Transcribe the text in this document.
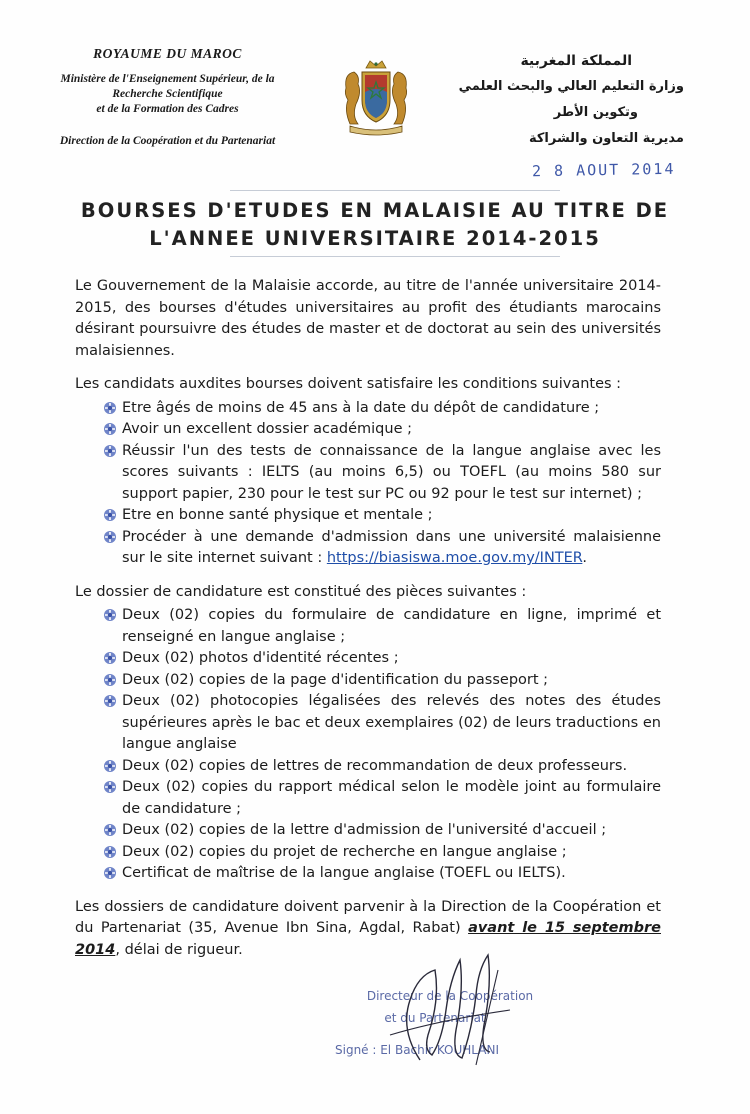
ROYAUME DU MAROC
Ministère de l'Enseignement Supérieur, de la
Recherche Scientifique
et de la Formation des Cadres
Direction de la Coopération et du Partenariat
المملكة المغربية
وزارة التعليم العالي والبحث العلمي
وتكوين الأطر
مديرية التعاون والشراكة
2 8 AOUT 2014
BOURSES D'ETUDES EN MALAISIE AU TITRE DE
L'ANNEE UNIVERSITAIRE 2014-2015

Le Gouvernement de la Malaisie accorde, au titre de l'année universitaire 2014-2015, des bourses d'études universitaires au profit des étudiants marocains désirant poursuivre des études de master et de doctorat au sein des universités malaisiennes.

Les candidats auxdites bourses doivent satisfaire les conditions suivantes :

Etre âgés de moins de 45 ans à la date du dépôt de candidature ;
Avoir un excellent dossier académique ;
Réussir l'un des tests de connaissance de la langue anglaise avec les scores suivants : IELTS (au moins 6,5) ou TOEFL (au moins 580 sur support papier, 230 pour le test sur PC ou 92 pour le test sur internet) ;
Etre en bonne santé physique et mentale ;
Procéder à une demande d'admission dans une université malaisienne sur le site internet suivant : https://biasiswa.moe.gov.my/INTER.

Le dossier de candidature est constitué des pièces suivantes :

Deux (02) copies du formulaire de candidature en ligne, imprimé et renseigné en langue anglaise ;
Deux (02) photos d'identité récentes ;
Deux (02) copies de la page d'identification du passeport ;
Deux (02) photocopies légalisées des relevés des notes des études supérieures après le bac et deux exemplaires (02) de leurs traductions en langue anglaise
Deux (02) copies de lettres de recommandation de deux professeurs.
Deux (02) copies du rapport médical selon le modèle joint au formulaire de candidature ;
Deux (02) copies de la lettre d'admission de l'université d'accueil ;
Deux (02) copies du projet de recherche en langue anglaise ;
Certificat de maîtrise de la langue anglaise (TOEFL ou IELTS).

Les dossiers de candidature doivent parvenir à la Direction de la Coopération et du Partenariat (35, Avenue Ibn Sina, Agdal, Rabat) avant le 15 septembre 2014, délai de rigueur.

Directeur de la Coopération
et du Partenariat
Signé : El Bachir KOUHLANI
